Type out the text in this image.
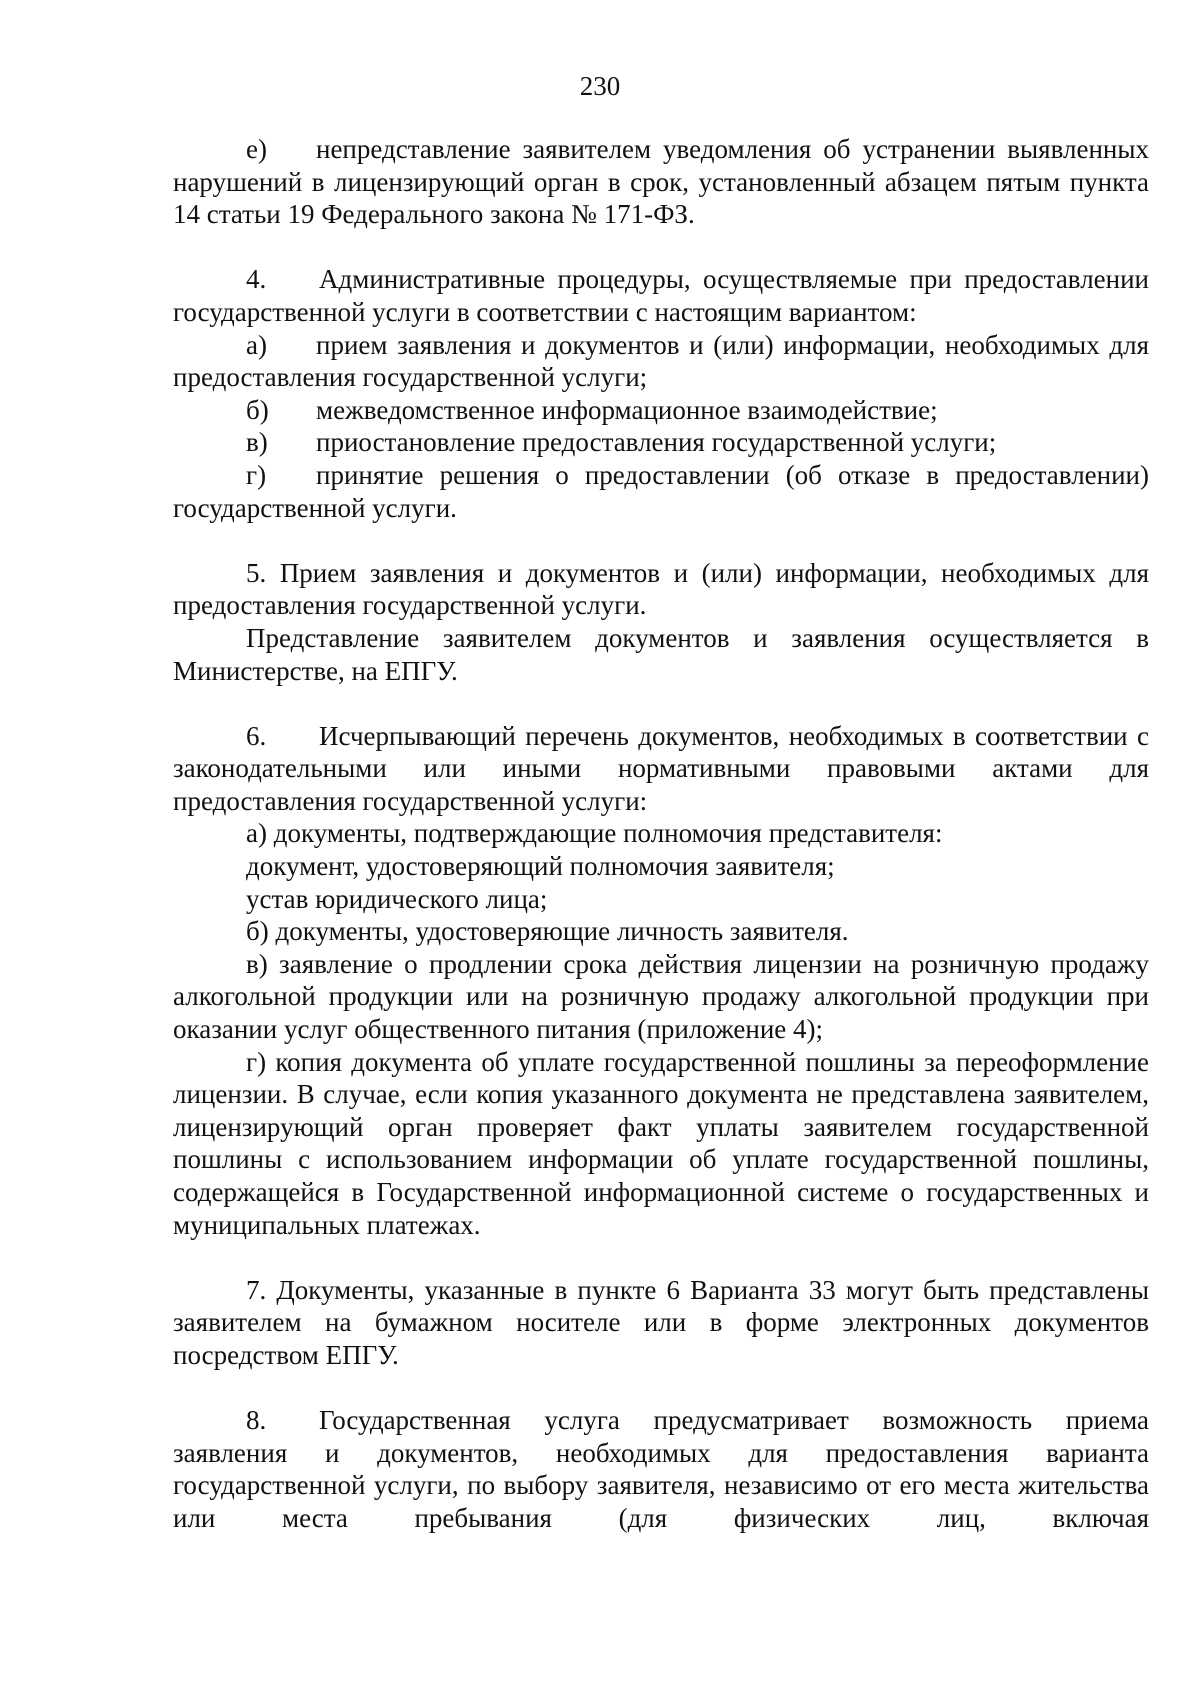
230

е) непредставление заявителем уведомления об устранении выявленных нарушений в лицензирующий орган в срок, установленный абзацем пятым пункта 14 статьи 19 Федерального закона № 171-ФЗ.

4. Административные процедуры, осуществляемые при предоставлении государственной услуги в соответствии с настоящим вариантом:

а) прием заявления и документов и (или) информации, необходимых для предоставления государственной услуги;

б) межведомственное информационное взаимодействие;

в) приостановление предоставления государственной услуги;

г) принятие решения о предоставлении (об отказе в предоставлении) государственной услуги.

5. Прием заявления и документов и (или) информации, необходимых для предоставления государственной услуги.

Представление заявителем документов и заявления осуществляется в Министерстве, на ЕПГУ.

6. Исчерпывающий перечень документов, необходимых в соответствии с законодательными или иными нормативными правовыми актами для предоставления государственной услуги:

а) документы, подтверждающие полномочия представителя:

документ, удостоверяющий полномочия заявителя;

устав юридического лица;

б) документы, удостоверяющие личность заявителя.

в) заявление о продлении срока действия лицензии на розничную продажу алкогольной продукции или на розничную продажу алкогольной продукции при оказании услуг общественного питания (приложение 4);

г) копия документа об уплате государственной пошлины за переоформление лицензии. В случае, если копия указанного документа не представлена заявителем, лицензирующий орган проверяет факт уплаты заявителем государственной пошлины с использованием информации об уплате государственной пошлины, содержащейся в Государственной информационной системе о государственных и муниципальных платежах.

7. Документы, указанные в пункте 6 Варианта 33 могут быть представлены заявителем на бумажном носителе или в форме электронных документов посредством ЕПГУ.

8. Государственная услуга предусматривает возможность приема заявления и документов, необходимых для предоставления варианта государственной услуги, по выбору заявителя, независимо от его места жительства или места пребывания (для физических лиц, включая
